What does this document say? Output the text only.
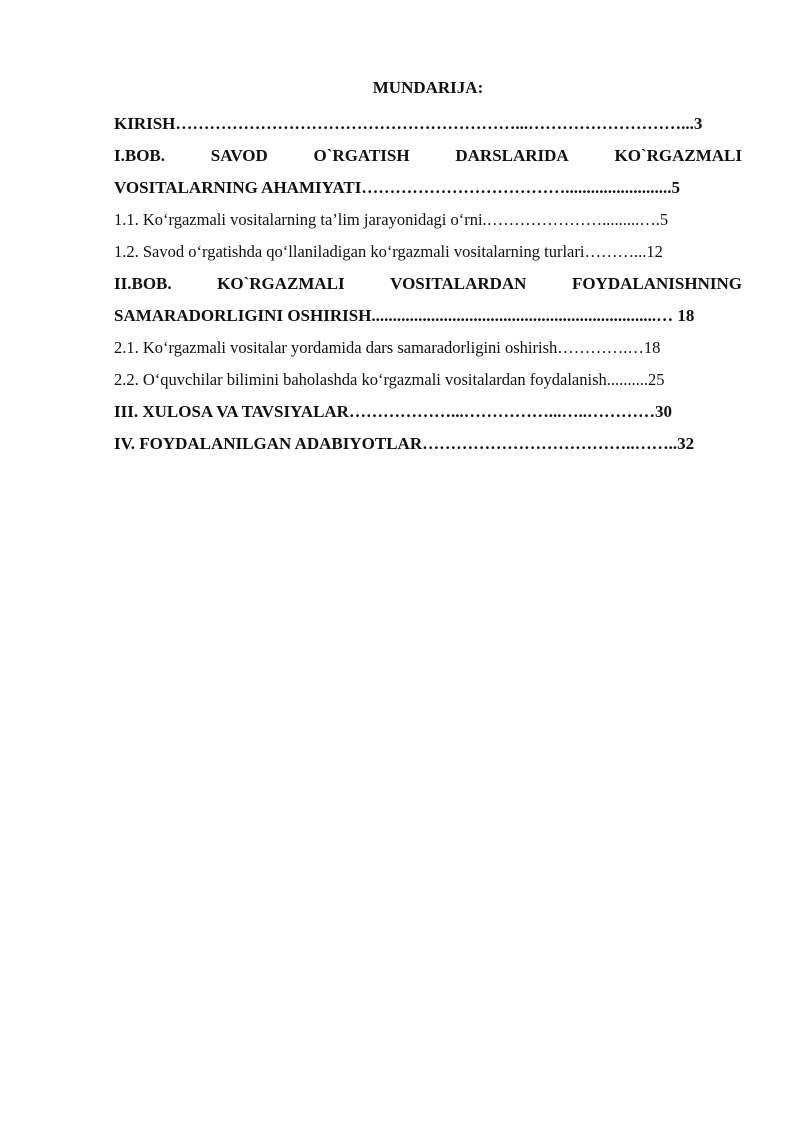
MUNDARIJA:
KIRISH……………………………………………………...………………………...3
I.BOB.	SAVOD	O`RGATISH	DARSLARIDA	KO`RGAZMALI
VOSITALARNING AHAMIYATI……………………………….........................5
1.1. Ko‘rgazmali vositalarning ta’lim jarayonidagi o‘rni.………………….........….5
1.2. Savod o‘rgatishda qo‘llaniladigan ko‘rgazmali vositalarning turlari………...12
II.BOB.	KO`RGAZMALI	VOSITALARDAN	FOYDALANISHNING
SAMARADORLIGINI OSHIRISH...................................................................… 18
2.1. Ko‘rgazmali vositalar yordamida dars samaradorligini oshirish………….…18
2.2. O‘quvchilar bilimini baholashda ko‘rgazmali vositalardan foydalanish..........25
III. XULOSA VA TAVSIYALAR………………...……………...…..…………30
IV. FOYDALANILGAN ADABIYOTLAR………………………………..……..32
